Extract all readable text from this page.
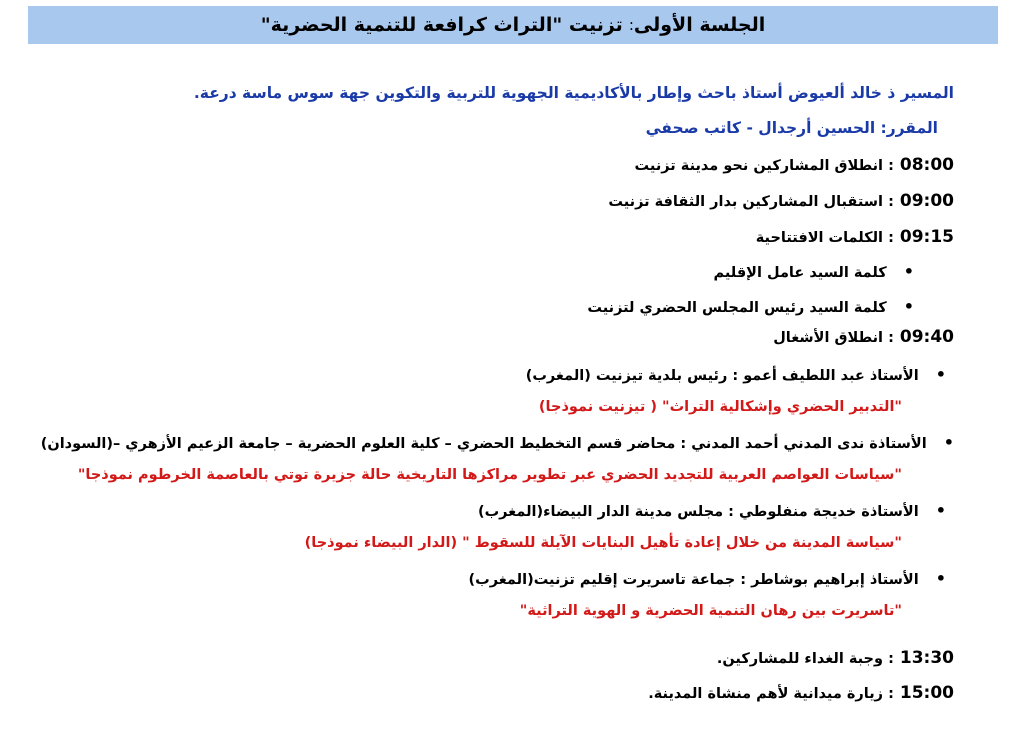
الجلسة الأولى
:
تزنيت "التراث كرافعة للتنمية الحضرية"
المسير ذ خالد ألعيوض أستاذ باحث وإطار بالأكاديمية الجهوية للتربية والتكوين جهة سوس ماسة درعة.
المقرر: الحسين أرجدال - كاتب صحفي
08:00: انطلاق المشاركين نحو مدينة تزنيت
09:00: استقبال المشاركين بدار الثقافة تزنيت
09:15: الكلمات الافتتاحية
• كلمة السيد عامل الإقليم
• كلمة السيد رئيس المجلس الحضري لتزنيت
09:40: انطلاق الأشغال
• الأستاذ عبد اللطيف أعمو : رئيس بلدية تيزنيت (المغرب)
"التدبير الحضري وإشكالية التراث" ( تيزنيت نموذجا)
• الأستاذة ندى المدني أحمد المدني : محاضر قسم التخطيط الحضري – كلية العلوم الحضرية – جامعة الزعيم الأزهري –(السودان)
"سياسات العواصم العربية للتجديد الحضري عبر تطوير مراكزها التاريخية حالة جزيرة توتي بالعاصمة الخرطوم نموذجا"
• الأستاذة خديجة منفلوطي : مجلس مدينة الدار البيضاء(المغرب)
"سياسة المدينة من خلال إعادة تأهيل البنايات الآيلة للسقوط " (الدار البيضاء نموذجا)
• الأستاذ إبراهيم بوشاطر : جماعة تاسريرت إقليم تزنيت(المغرب)
"تاسريرت بين رهان التنمية الحضرية و الهوية التراثية"
13:30: وجبة الغداء للمشاركين.
15:00: زيارة ميدانية لأهم منشاة المدينة.
